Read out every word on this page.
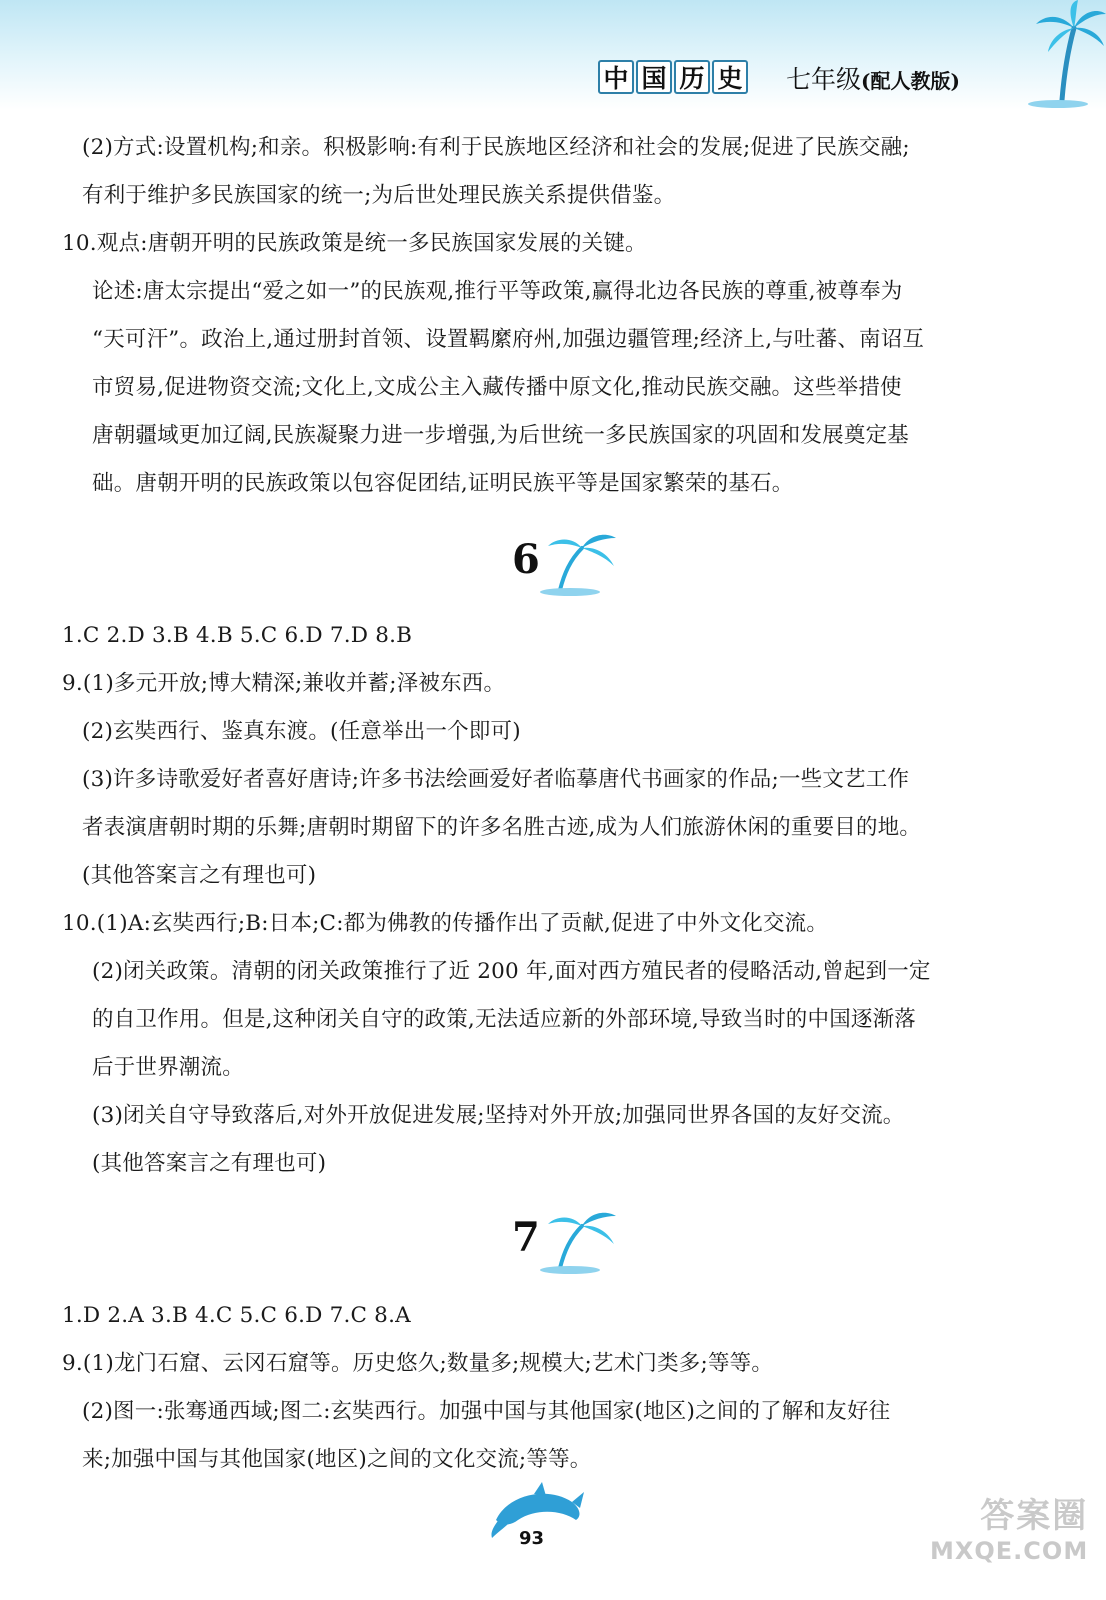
中 国 历 史 七年级(配人教版)
(2)方式:设置机构;和亲。积极影响:有利于民族地区经济和社会的发展;促进了民族交融;
有利于维护多民族国家的统一;为后世处理民族关系提供借鉴。
10.观点:唐朝开明的民族政策是统一多民族国家发展的关键。
论述:唐太宗提出“爱之如一”的民族观,推行平等政策,赢得北边各民族的尊重,被尊奉为
“天可汗”。政治上,通过册封首领、设置羁縻府州,加强边疆管理;经济上,与吐蕃、南诏互
市贸易,促进物资交流;文化上,文成公主入藏传播中原文化,推动民族交融。这些举措使
唐朝疆域更加辽阔,民族凝聚力进一步增强,为后世统一多民族国家的巩固和发展奠定基
础。唐朝开明的民族政策以包容促团结,证明民族平等是国家繁荣的基石。
1.C 2.D 3.B 4.B 5.C 6.D 7.D 8.B
9.(1)多元开放;博大精深;兼收并蓄;泽被东西。
(2)玄奘西行、鉴真东渡。(任意举出一个即可)
(3)许多诗歌爱好者喜好唐诗;许多书法绘画爱好者临摹唐代书画家的作品;一些文艺工作
者表演唐朝时期的乐舞;唐朝时期留下的许多名胜古迹,成为人们旅游休闲的重要目的地。
(其他答案言之有理也可)
10.(1)A:玄奘西行;B:日本;C:都为佛教的传播作出了贡献,促进了中外文化交流。
(2)闭关政策。清朝的闭关政策推行了近 200 年,面对西方殖民者的侵略活动,曾起到一定
的自卫作用。但是,这种闭关自守的政策,无法适应新的外部环境,导致当时的中国逐渐落
后于世界潮流。
(3)闭关自守导致落后,对外开放促进发展;坚持对外开放;加强同世界各国的友好交流。
(其他答案言之有理也可)
1.D 2.A 3.B 4.C 5.C 6.D 7.C 8.A
9.(1)龙门石窟、云冈石窟等。历史悠久;数量多;规模大;艺术门类多;等等。
(2)图一:张骞通西域;图二:玄奘西行。加强中国与其他国家(地区)之间的了解和友好往
来;加强中国与其他国家(地区)之间的文化交流;等等。
6
7
93
答案圈
MXQE.COM
